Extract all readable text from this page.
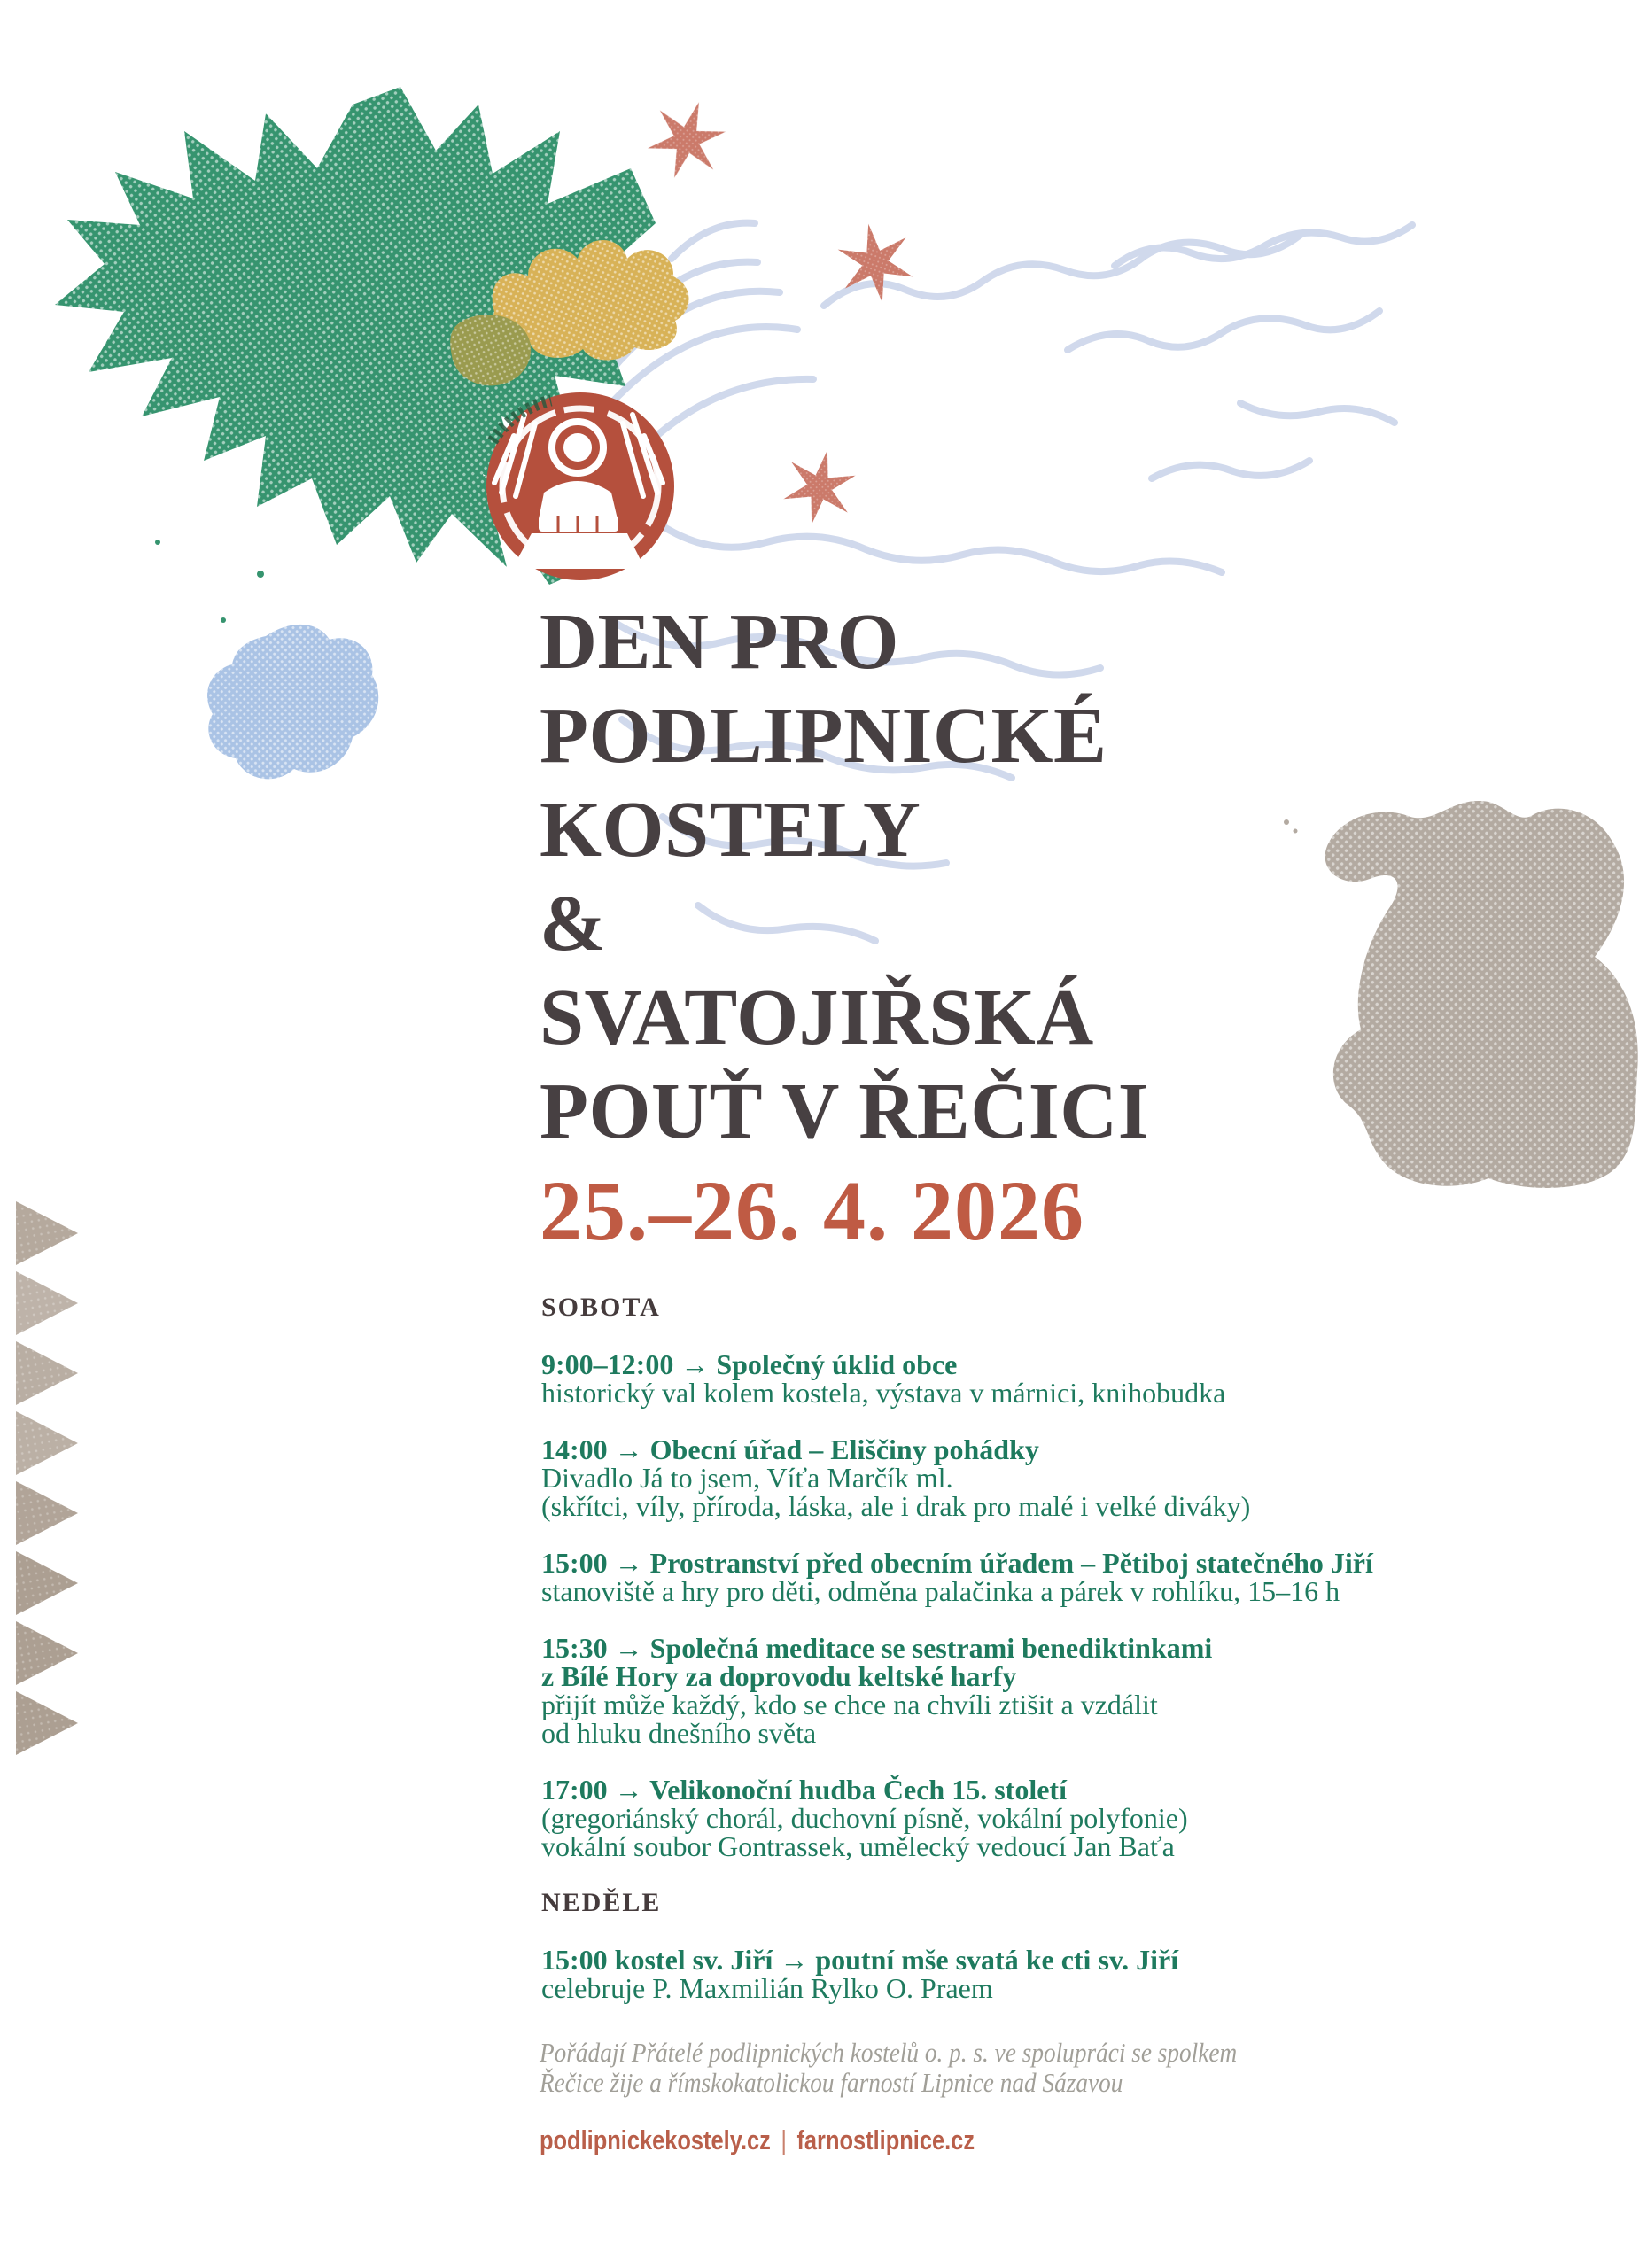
DEN PRO
PODLIPNICKÉ
KOSTELY
&
SVATOJIŘSKÁ
POUŤ V ŘEČICI
25.–26. 4. 2026
SOBOTA
9:00–12:00 → Společný úklid obce
historický val kolem kostela, výstava v márnici, knihobudka
14:00 → Obecní úřad – Eliščiny pohádky
Divadlo Já to jsem, Víťa Marčík ml.
(skřítci, víly, příroda, láska, ale i drak pro malé i velké diváky)
15:00 → Prostranství před obecním úřadem – Pětiboj statečného Jiří
stanoviště a hry pro děti, odměna palačinka a párek v rohlíku, 15–16 h
15:30 → Společná meditace se sestrami benediktinkami
z Bílé Hory za doprovodu keltské harfy
přijít může každý, kdo se chce na chvíli ztišit a vzdálit
od hluku dnešního světa
17:00 → Velikonoční hudba Čech 15. století
(gregoriánský chorál, duchovní písně, vokální polyfonie)
vokální soubor Gontrassek, umělecký vedoucí Jan Baťa
NEDĚLE
15:00 kostel sv. Jiří → poutní mše svatá ke cti sv. Jiří
celebruje P. Maxmilián Rylko O. Praem
Pořádají Přátelé podlipnických kostelů o. p. s. ve spolupráci se spolkem
Řečice žije a římskokatolickou farností Lipnice nad Sázavou
podlipnickekostely.cz | farnostlipnice.cz
